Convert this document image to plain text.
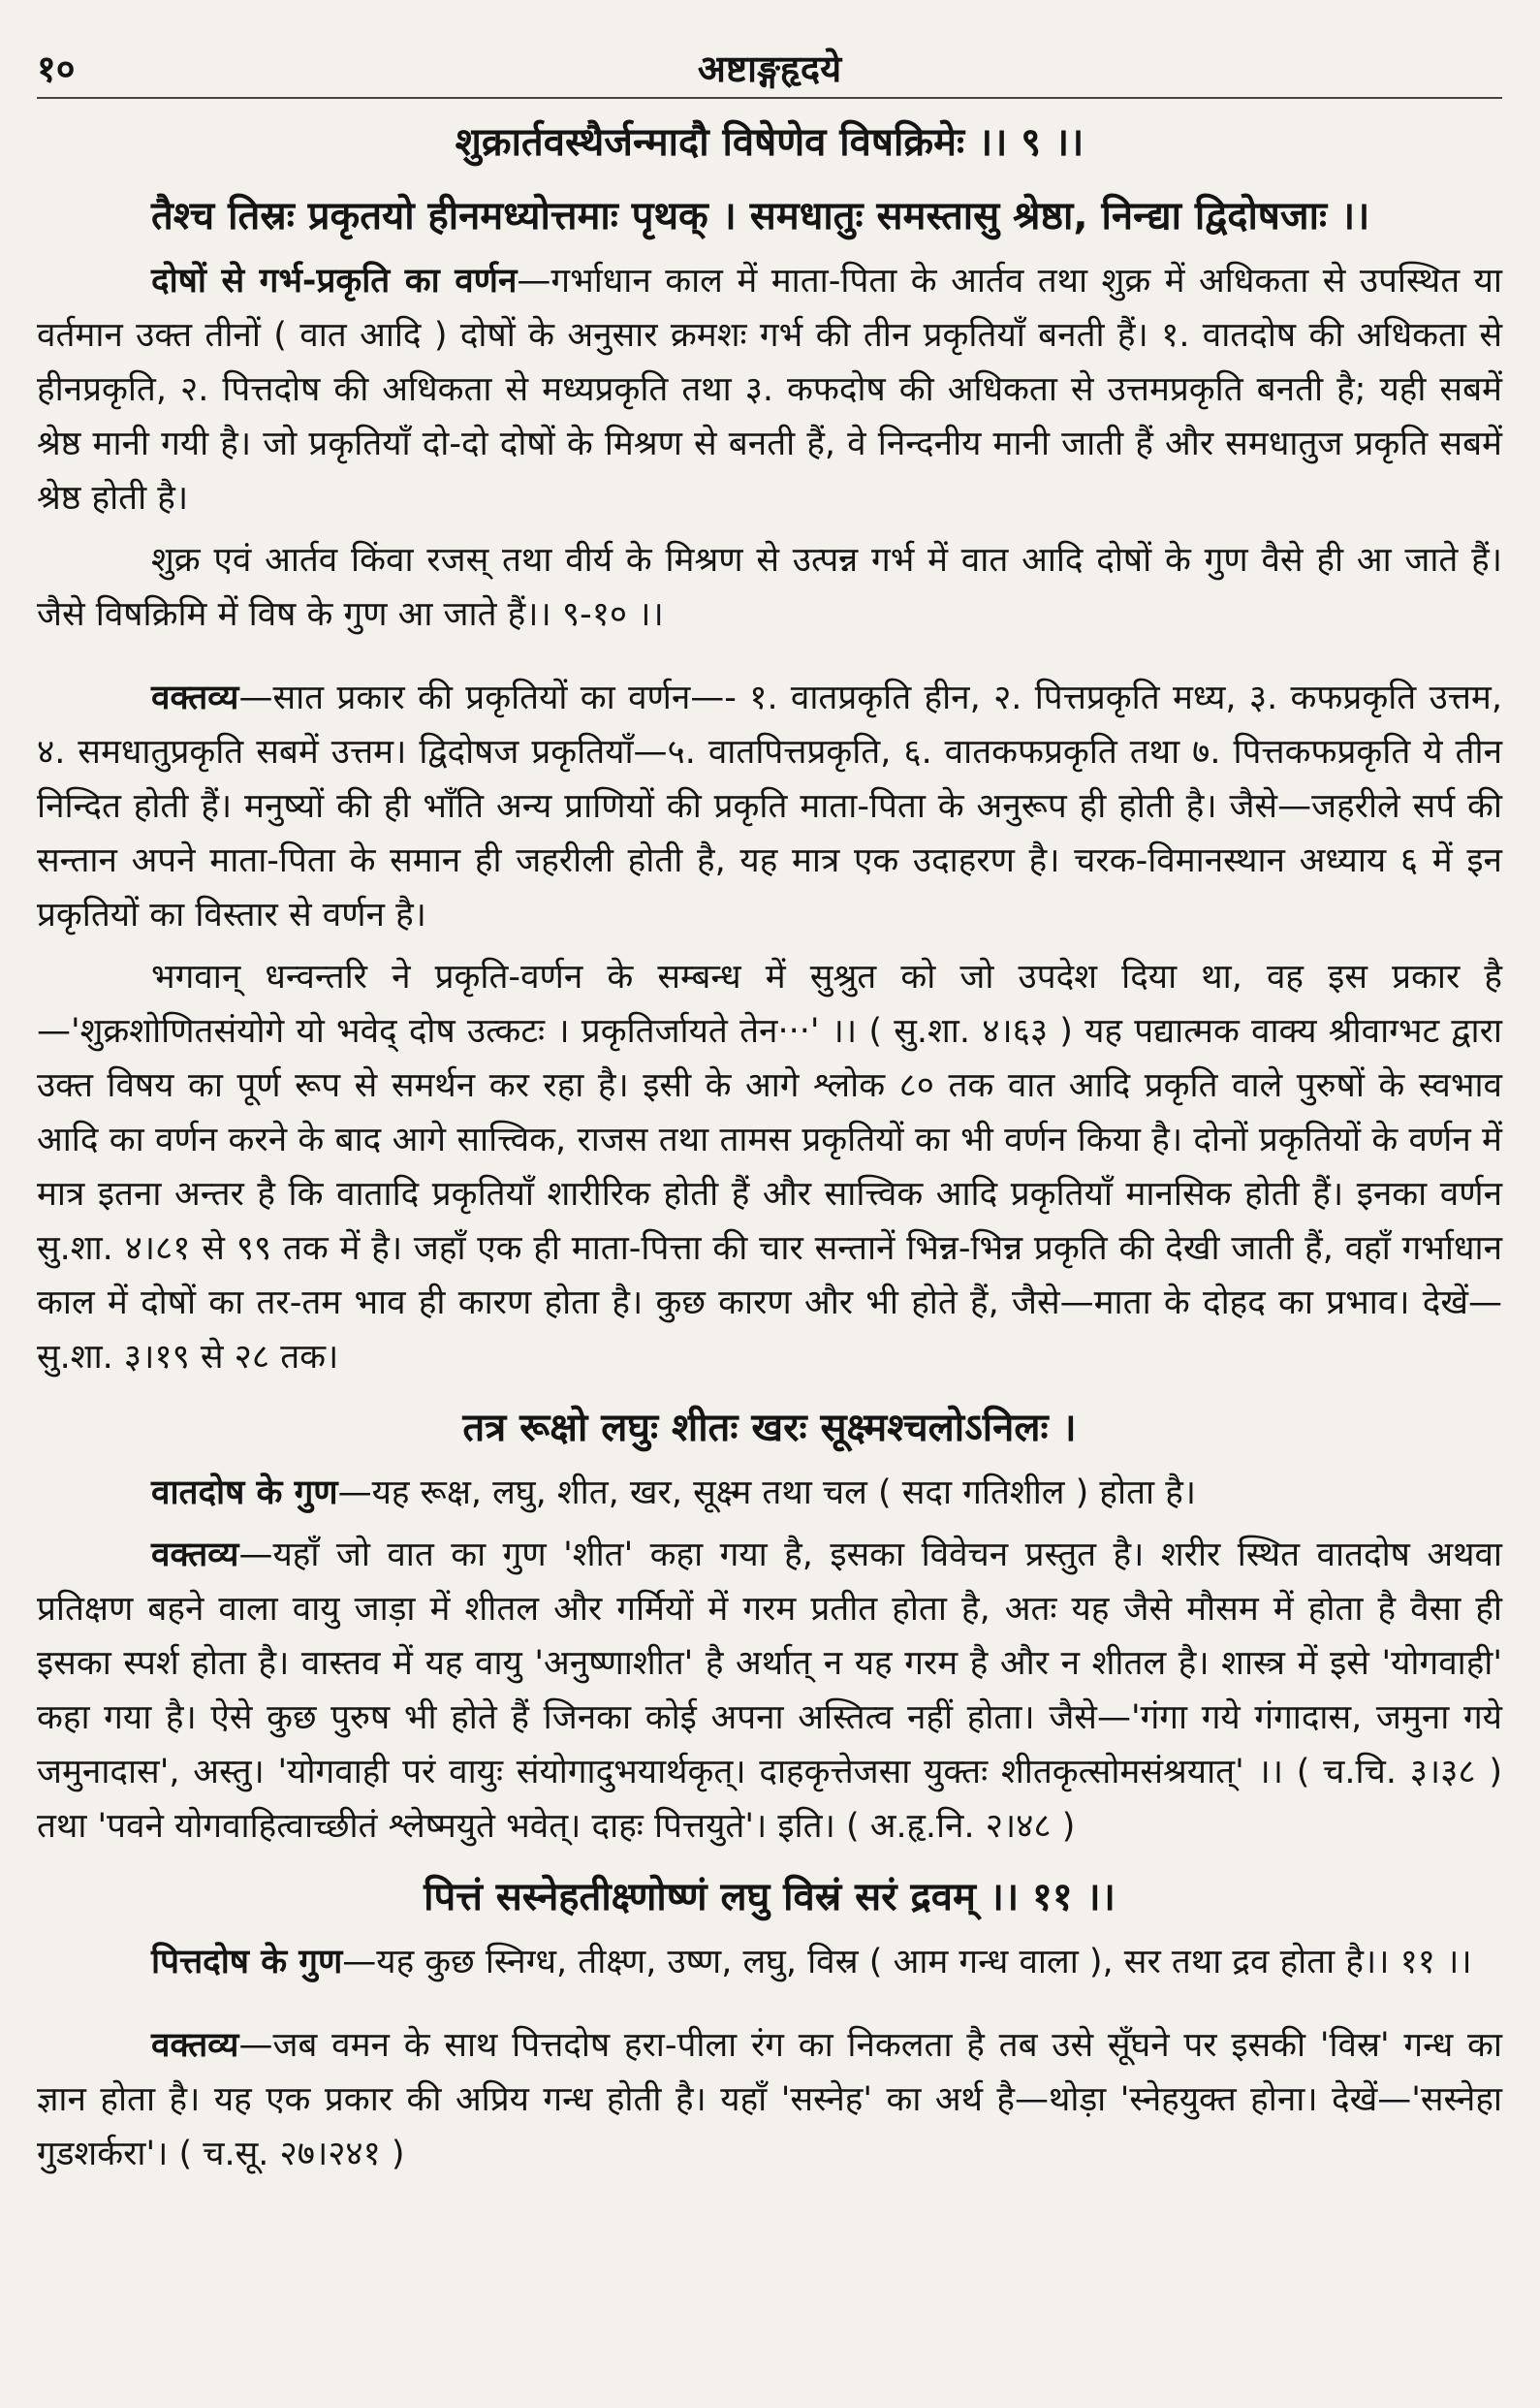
१०	अष्टाङ्गहृदये
शुक्रार्तवस्थैर्जन्मादौ विषेणेव विषक्रिमेः ।। ९ ।।
तैश्च तिस्रः प्रकृतयो हीनमध्योत्तमाः पृथक् । समधातुः समस्तासु श्रेष्ठा, निन्द्या द्विदोषजाः ।।

दोषों से गर्भ-प्रकृति का वर्णन—गर्भाधान काल में माता-पिता के आर्तव तथा शुक्र में अधिकता से उपस्थित या वर्तमान उक्त तीनों ( वात आदि ) दोषों के अनुसार क्रमशः गर्भ की तीन प्रकृतियाँ बनती हैं। १. वातदोष की अधिकता से हीनप्रकृति, २. पित्तदोष की अधिकता से मध्यप्रकृति तथा ३. कफदोष की अधिकता से उत्तमप्रकृति बनती है; यही सबमें श्रेष्ठ मानी गयी है। जो प्रकृतियाँ दो-दो दोषों के मिश्रण से बनती हैं, वे निन्दनीय मानी जाती हैं और समधातुज प्रकृति सबमें श्रेष्ठ होती है।

शुक्र एवं आर्तव किंवा रजस् तथा वीर्य के मिश्रण से उत्पन्न गर्भ में वात आदि दोषों के गुण वैसे ही आ जाते हैं। जैसे विषक्रिमि में विष के गुण आ जाते हैं।। ९-१० ।।

वक्तव्य—सात प्रकार की प्रकृतियों का वर्णन—- १. वातप्रकृति हीन, २. पित्तप्रकृति मध्य, ३. कफप्रकृति उत्तम, ४. समधातुप्रकृति सबमें उत्तम। द्विदोषज प्रकृतियाँ—५. वातपित्तप्रकृति, ६. वातकफप्रकृति तथा ७. पित्तकफप्रकृति ये तीन निन्दित होती हैं। मनुष्यों की ही भाँति अन्य प्राणियों की प्रकृति माता-पिता के अनुरूप ही होती है। जैसे—जहरीले सर्प की सन्तान अपने माता-पिता के समान ही जहरीली होती है, यह मात्र एक उदाहरण है। चरक-विमानस्थान अध्याय ६ में इन प्रकृतियों का विस्तार से वर्णन है।

भगवान् धन्वन्तरि ने प्रकृति-वर्णन के सम्बन्ध में सुश्रुत को जो उपदेश दिया था, वह इस प्रकार है—'शुक्रशोणितसंयोगे यो भवेद् दोष उत्कटः । प्रकृतिर्जायते तेन···' ।। ( सु.शा. ४।६३ ) यह पद्यात्मक वाक्य श्रीवाग्भट द्वारा उक्त विषय का पूर्ण रूप से समर्थन कर रहा है। इसी के आगे श्लोक ८० तक वात आदि प्रकृति वाले पुरुषों के स्वभाव आदि का वर्णन करने के बाद आगे सात्त्विक, राजस तथा तामस प्रकृतियों का भी वर्णन किया है। दोनों प्रकृतियों के वर्णन में मात्र इतना अन्तर है कि वातादि प्रकृतियाँ शारीरिक होती हैं और सात्त्विक आदि प्रकृतियाँ मानसिक होती हैं। इनका वर्णन सु.शा. ४।८१ से ९९ तक में है। जहाँ एक ही माता-पित्ता की चार सन्तानें भिन्न-भिन्न प्रकृति की देखी जाती हैं, वहाँ गर्भाधान काल में दोषों का तर-तम भाव ही कारण होता है। कुछ कारण और भी होते हैं, जैसे—माता के दोहद का प्रभाव। देखें—सु.शा. ३।१९ से २८ तक।

तत्र रूक्षो लघुः शीतः खरः सूक्ष्मश्चलोऽनिलः ।

वातदोष के गुण—यह रूक्ष, लघु, शीत, खर, सूक्ष्म तथा चल ( सदा गतिशील ) होता है।

वक्तव्य—यहाँ जो वात का गुण 'शीत' कहा गया है, इसका विवेचन प्रस्तुत है। शरीर स्थित वातदोष अथवा प्रतिक्षण बहने वाला वायु जाड़ा में शीतल और गर्मियों में गरम प्रतीत होता है, अतः यह जैसे मौसम में होता है वैसा ही इसका स्पर्श होता है। वास्तव में यह वायु 'अनुष्णाशीत' है अर्थात् न यह गरम है और न शीतल है। शास्त्र में इसे 'योगवाही' कहा गया है। ऐसे कुछ पुरुष भी होते हैं जिनका कोई अपना अस्तित्व नहीं होता। जैसे—'गंगा गये गंगादास, जमुना गये जमुनादास', अस्तु। 'योगवाही परं वायुः संयोगादुभयार्थकृत्। दाहकृत्तेजसा युक्तः शीतकृत्सोमसंश्रयात्' ।। ( च.चि. ३।३८ ) तथा 'पवने योगवाहित्वाच्छीतं श्लेष्मयुते भवेत्। दाहः पित्तयुते'। इति। ( अ.हृ.नि. २।४८ )

पित्तं सस्नेहतीक्ष्णोष्णं लघु विस्रं सरं द्रवम् ।। ११ ।।

पित्तदोष के गुण—यह कुछ स्निग्ध, तीक्ष्ण, उष्ण, लघु, विस्र ( आम गन्ध वाला ), सर तथा द्रव होता है।। ११ ।।

वक्तव्य—जब वमन के साथ पित्तदोष हरा-पीला रंग का निकलता है तब उसे सूँघने पर इसकी 'विस्र' गन्ध का ज्ञान होता है। यह एक प्रकार की अप्रिय गन्ध होती है। यहाँ 'सस्नेह' का अर्थ है—थोड़ा 'स्नेहयुक्त होना। देखें—'सस्नेहा गुडशर्करा'। ( च.सू. २७।२४१ )
